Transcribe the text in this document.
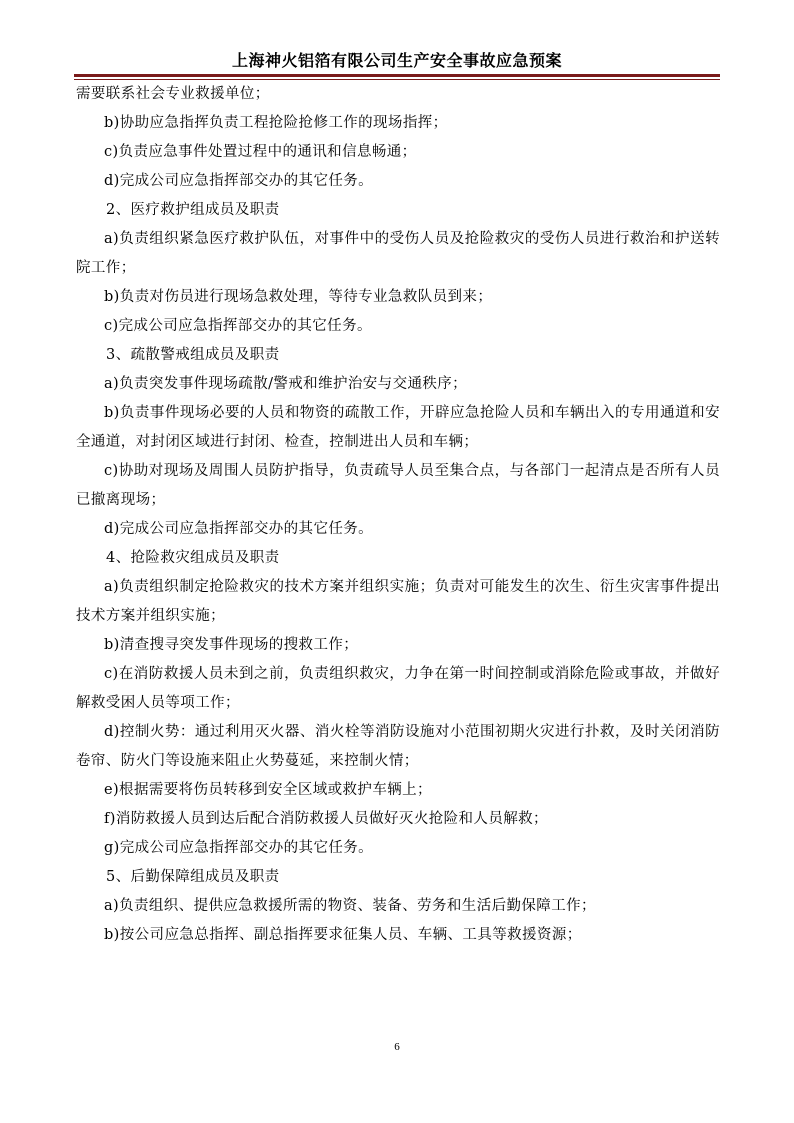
上海神火铝箔有限公司生产安全事故应急预案

需要联系社会专业救援单位；

b)协助应急指挥负责工程抢险抢修工作的现场指挥；

c)负责应急事件处置过程中的通讯和信息畅通；

d)完成公司应急指挥部交办的其它任务。

2、医疗救护组成员及职责

a)负责组织紧急医疗救护队伍，对事件中的受伤人员及抢险救灾的受伤人员进行救治和护送转院工作；

b)负责对伤员进行现场急救处理，等待专业急救队员到来；

c)完成公司应急指挥部交办的其它任务。

3、疏散警戒组成员及职责

a)负责突发事件现场疏散/警戒和维护治安与交通秩序；

b)负责事件现场必要的人员和物资的疏散工作，开辟应急抢险人员和车辆出入的专用通道和安全通道，对封闭区域进行封闭、检查，控制进出人员和车辆；

c)协助对现场及周围人员防护指导，负责疏导人员至集合点，与各部门一起清点是否所有人员已撤离现场；

d)完成公司应急指挥部交办的其它任务。

4、抢险救灾组成员及职责

a)负责组织制定抢险救灾的技术方案并组织实施；负责对可能发生的次生、衍生灾害事件提出技术方案并组织实施；

b)清查搜寻突发事件现场的搜救工作；

c)在消防救援人员未到之前，负责组织救灾，力争在第一时间控制或消除危险或事故，并做好解救受困人员等项工作；

d)控制火势：通过利用灭火器、消火栓等消防设施对小范围初期火灾进行扑救，及时关闭消防卷帘、防火门等设施来阻止火势蔓延，来控制火情；

e)根据需要将伤员转移到安全区域或救护车辆上；

f)消防救援人员到达后配合消防救援人员做好灭火抢险和人员解救；

g)完成公司应急指挥部交办的其它任务。

5、后勤保障组成员及职责

a)负责组织、提供应急救援所需的物资、装备、劳务和生活后勤保障工作；

b)按公司应急总指挥、副总指挥要求征集人员、车辆、工具等救援资源；

6
